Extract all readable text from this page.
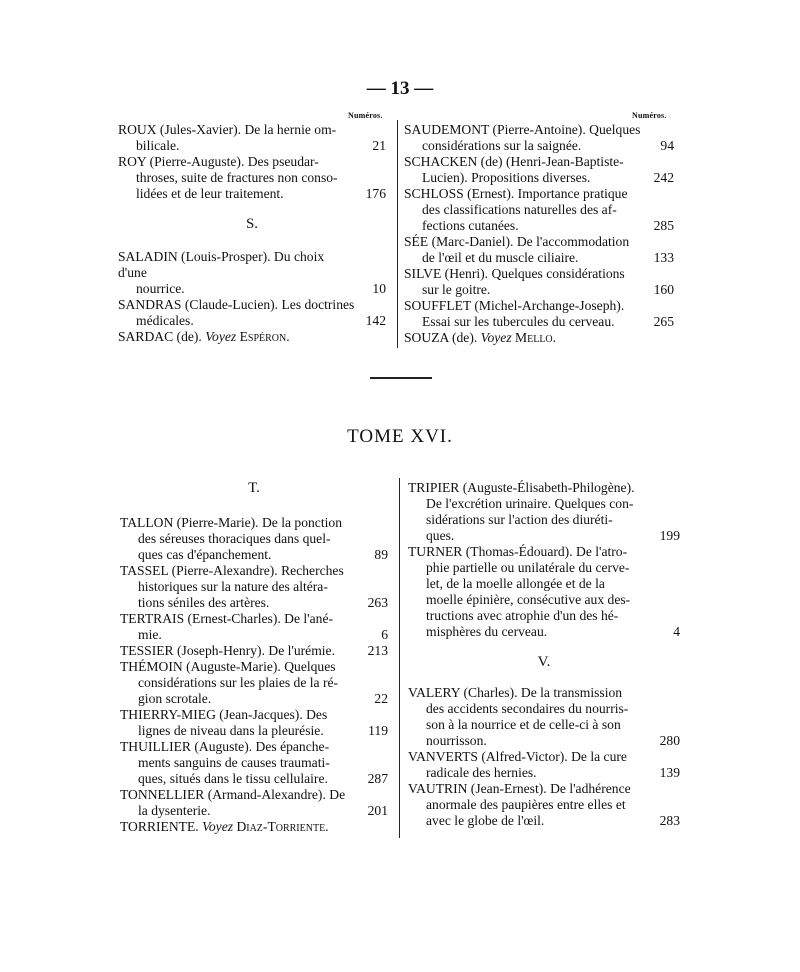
— 13 —
Numéros.	Numéros.
TOME XVI.
ROUX (Jules-Xavier). De la hernie om-
bilicale.	21
ROY (Pierre-Auguste). Des pseudar-
throses, suite de fractures non conso-
lidées et de leur traitement.	176
S.
SALADIN (Louis-Prosper). Du choix d'une
nourrice.	10
SANDRAS (Claude-Lucien). Les doctrines
médicales.	142
SARDAC (de). Voyez Espéron.
SAUDEMONT (Pierre-Antoine). Quelques
considérations sur la saignée.	94
SCHACKEN (de) (Henri-Jean-Baptiste-
Lucien). Propositions diverses.	242
SCHLOSS (Ernest). Importance pratique
des classifications naturelles des af-
fections cutanées.	285
SÉE (Marc-Daniel). De l'accommodation
de l'œil et du muscle ciliaire.	133
SILVE (Henri). Quelques considérations
sur le goitre.	160
SOUFFLET (Michel-Archange-Joseph).
Essai sur les tubercules du cerveau.	265
SOUZA (de). Voyez Mello.
T.
TALLON (Pierre-Marie). De la ponction
des séreuses thoraciques dans quel-
ques cas d'épanchement.	89
TASSEL (Pierre-Alexandre). Recherches
historiques sur la nature des altéra-
tions séniles des artères.	263
TERTRAIS (Ernest-Charles). De l'ané-
mie.	6
TESSIER (Joseph-Henry). De l'urémie.	213
THÉMOIN (Auguste-Marie). Quelques
considérations sur les plaies de la ré-
gion scrotale.	22
THIERRY-MIEG (Jean-Jacques). Des
lignes de niveau dans la pleurésie.	119
THUILLIER (Auguste). Des épanche-
ments sanguins de causes traumati-
ques, situés dans le tissu cellulaire.	287
TONNELLIER (Armand-Alexandre). De
la dysenterie.	201
TORRIENTE. Voyez Diaz-Torriente.
TRIPIER (Auguste-Élisabeth-Philogène).
De l'excrétion urinaire. Quelques con-
sidérations sur l'action des diuréti-
ques.	199
TURNER (Thomas-Édouard). De l'atro-
phie partielle ou unilatérale du cerve-
let, de la moelle allongée et de la
moelle épinière, consécutive aux des-
tructions avec atrophie d'un des hé-
misphères du cerveau.	4
V.
VALERY (Charles). De la transmission
des accidents secondaires du nourris-
son à la nourrice et de celle-ci à son
nourrisson.	280
VANVERTS (Alfred-Victor). De la cure
radicale des hernies.	139
VAUTRIN (Jean-Ernest). De l'adhérence
anormale des paupières entre elles et
avec le globe de l'œil.	283
